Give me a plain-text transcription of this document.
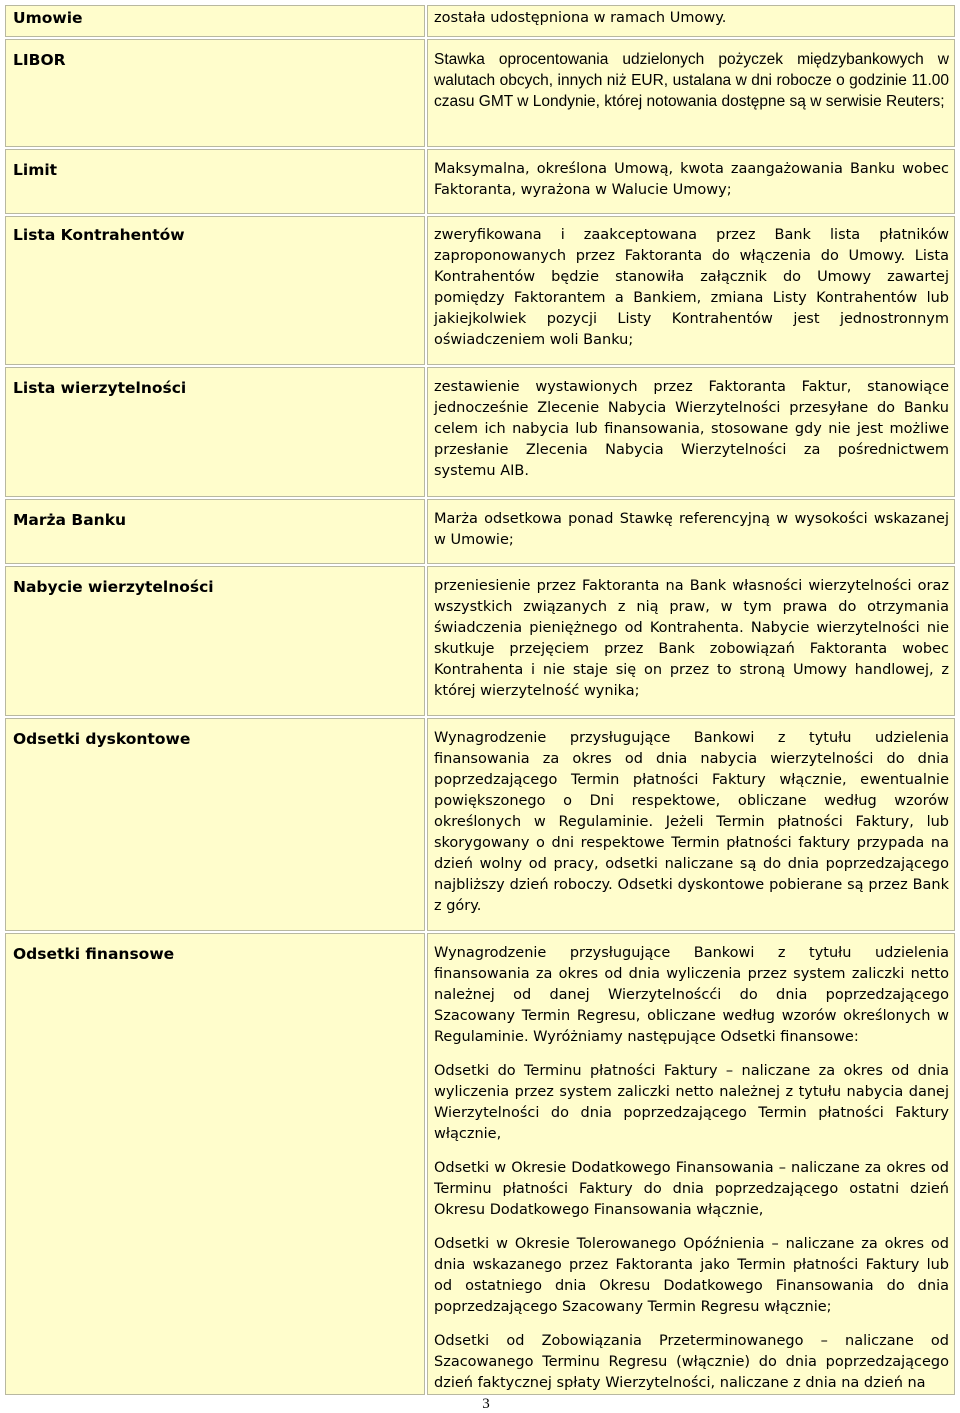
Umowie	została udostępniona w ramach Umowy.

LIBOR	Stawka oprocentowania udzielonych pożyczek międzybankowych w walutach obcych, innych niż EUR, ustalana w dni robocze o godzinie 11.00 czasu GMT w Londynie, której notowania dostępne są w serwisie Reuters;

Limit	Maksymalna, określona Umową, kwota zaangażowania Banku wobec Faktoranta, wyrażona w Walucie Umowy;

Lista Kontrahentów	zweryfikowana i zaakceptowana przez Bank lista płatników zaproponowanych przez Faktoranta do włączenia do Umowy. Lista Kontrahentów będzie stanowiła załącznik do Umowy zawartej pomiędzy Faktorantem a Bankiem, zmiana Listy Kontrahentów lub jakiejkolwiek pozycji Listy Kontrahentów jest jednostronnym oświadczeniem woli Banku;

Lista wierzytelności	zestawienie wystawionych przez Faktoranta Faktur, stanowiące jednocześnie Zlecenie Nabycia Wierzytelności przesyłane do Banku celem ich nabycia lub finansowania, stosowane gdy nie jest możliwe przesłanie Zlecenia Nabycia Wierzytelności za pośrednictwem systemu AIB.

Marża Banku	Marża odsetkowa ponad Stawkę referencyjną w wysokości wskazanej w Umowie;

Nabycie wierzytelności	przeniesienie przez Faktoranta na Bank własności wierzytelności oraz wszystkich związanych z nią praw, w tym prawa do otrzymania świadczenia pieniężnego od Kontrahenta. Nabycie wierzytelności nie skutkuje przejęciem przez Bank zobowiązań Faktoranta wobec Kontrahenta i nie staje się on przez to stroną Umowy handlowej, z której wierzytelność wynika;

Odsetki dyskontowe	Wynagrodzenie przysługujące Bankowi z tytułu udzielenia finansowania za okres od dnia nabycia wierzytelności do dnia poprzedzającego Termin płatności Faktury włącznie, ewentualnie powiększonego o Dni respektowe, obliczane według wzorów określonych w Regulaminie. Jeżeli Termin płatności Faktury, lub skorygowany o dni respektowe Termin płatności faktury przypada na dzień wolny od pracy, odsetki naliczane są do dnia poprzedzającego najbliższy dzień roboczy. Odsetki dyskontowe pobierane są przez Bank z góry.

Odsetki finansowe	Wynagrodzenie przysługujące Bankowi z tytułu udzielenia finansowania za okres od dnia wyliczenia przez system zaliczki netto należnej od danej Wierzytelnoścći do dnia poprzedzającego Szacowany Termin Regresu, obliczane według wzorów określonych w Regulaminie. Wyróżniamy następujące Odsetki finansowe:

Odsetki do Terminu płatności Faktury – naliczane za okres od dnia wyliczenia przez system zaliczki netto należnej z tytułu nabycia danej Wierzytelności do dnia poprzedzającego Termin płatności Faktury włącznie,

Odsetki w Okresie Dodatkowego Finansowania – naliczane za okres od Terminu płatności Faktury do dnia poprzedzającego ostatni dzień Okresu Dodatkowego Finansowania włącznie,

Odsetki w Okresie Tolerowanego Opóźnienia – naliczane za okres od dnia wskazanego przez Faktoranta jako Termin płatności Faktury lub od ostatniego dnia Okresu Dodatkowego Finansowania do dnia poprzedzającego Szacowany Termin Regresu włącznie;

Odsetki od Zobowiązania Przeterminowanego – naliczane od Szacowanego Terminu Regresu (włącznie) do dnia poprzedzającego dzień faktycznej spłaty Wierzytelności, naliczane z dnia na dzień na

3
